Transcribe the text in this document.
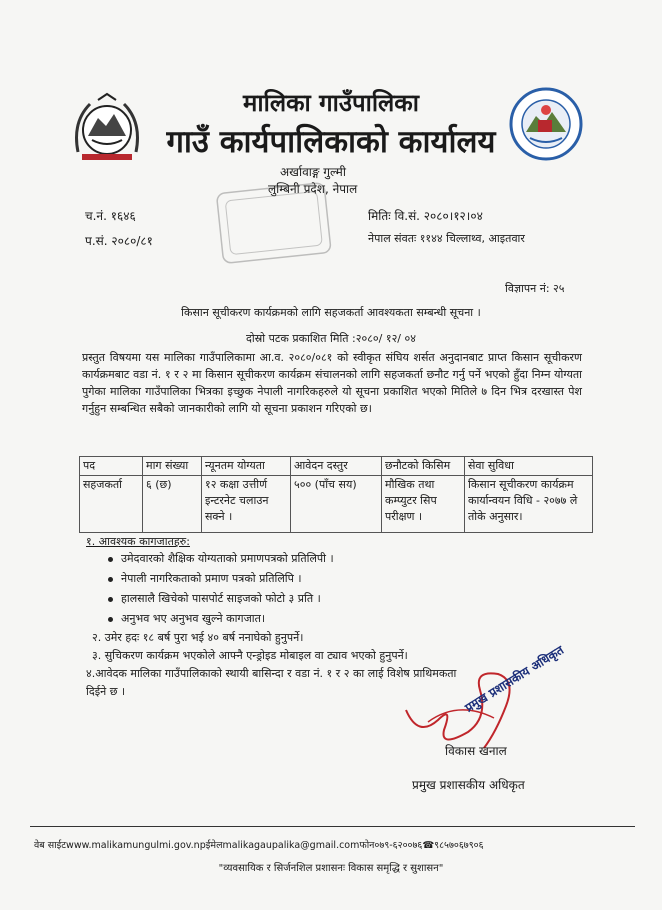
मालिका गाउँपालिका
गाउँ कार्यपालिकाको कार्यालय
अर्खावाङ्ग गुल्मी
लुम्बिनी प्रदेश, नेपाल
च.नं. १६४६
प.सं. २०८०/८१
मितिः वि.सं. २०८०।१२।०४
नेपाल संवतः ११४४ चिल्लाथ्व, आइतवार
विज्ञापन नं: २५
किसान सूचीकरण कार्यक्रमको लागि सहजकर्ता आवश्यकता सम्बन्धी सूचना ।
दोस्रो पटक प्रकाशित मिति :२०८०/ १२/ ०४
प्रस्तुत विषयमा यस मालिका गाउँपालिकामा आ.व. २०८०/०८१ को स्वीकृत संघिय शर्सत अनुदानबाट प्राप्त किसान सूचीकरण कार्यक्रमबाट वडा नं. १ र २ मा किसान सूचीकरण कार्यक्रम संचालनको लागि सहजकर्ता छनौट गर्नु पर्ने भएको हुँदा निम्न योग्यता पुगेका मालिका गाउँपालिका भित्रका इच्छुक नेपाली नागरिकहरुले यो सूचना प्रकाशित भएको मितिले ७ दिन भित्र दरखास्त पेश गर्नुहुन सम्बन्धित सबैको जानकारीको लागि यो सूचना प्रकाशन गरिएको छ।
पद	माग संख्या	न्यूनतम योग्यता	आवेदन दस्तुर	छनौटको किसिम	सेवा सुविधा
सहजकर्ता	६ (छ)	१२ कक्षा उत्तीर्ण इन्टरनेट चलाउन सक्ने ।	५०० (पाँच सय)	मौखिक तथा कम्प्युटर सिप परीक्षण ।	किसान सूचीकरण कार्यक्रम कार्यान्वयन विधि - २०७७ ले तोके अनुसार।
१. आवश्यक कागजातहरु:
उमेदवारको शैक्षिक योग्यताको प्रमाणपत्रको प्रतिलिपी ।
नेपाली नागरिकताको प्रमाण पत्रको प्रतिलिपि ।
हालसालै खिचेको पासपोर्ट साइजको फोटो ३ प्रति ।
अनुभव भए अनुभव खुल्ने कागजात।
२. उमेर हदः १८ बर्ष पुरा भई ४० बर्ष ननाघेको हुनुपर्ने।
३. सुचिकरण कार्यक्रम भएकोले आफ्नै एन्ड्रोइड मोबाइल वा ट्याव भएको हुनुपर्ने।
४.आवेदक मालिका गाउँपालिकाको स्थायी बासिन्दा र वडा नं. १ र २ का लाई विशेष प्राथिमकता
दिईने छ ।	प्रमुख प्रशासकीय अधिकृत
विकास खनाल
प्रमुख प्रशासकीय अधिकृत
वेब साईटwww.malikamungulmi.gov.npईमेलmalikagaupalika@gmail.comफोन०७९-६२००७६☎९८५७०६७९०६
"व्यवसायिक र सिर्जनशिल प्रशासनः विकास समृद्धि र सुशासन"
